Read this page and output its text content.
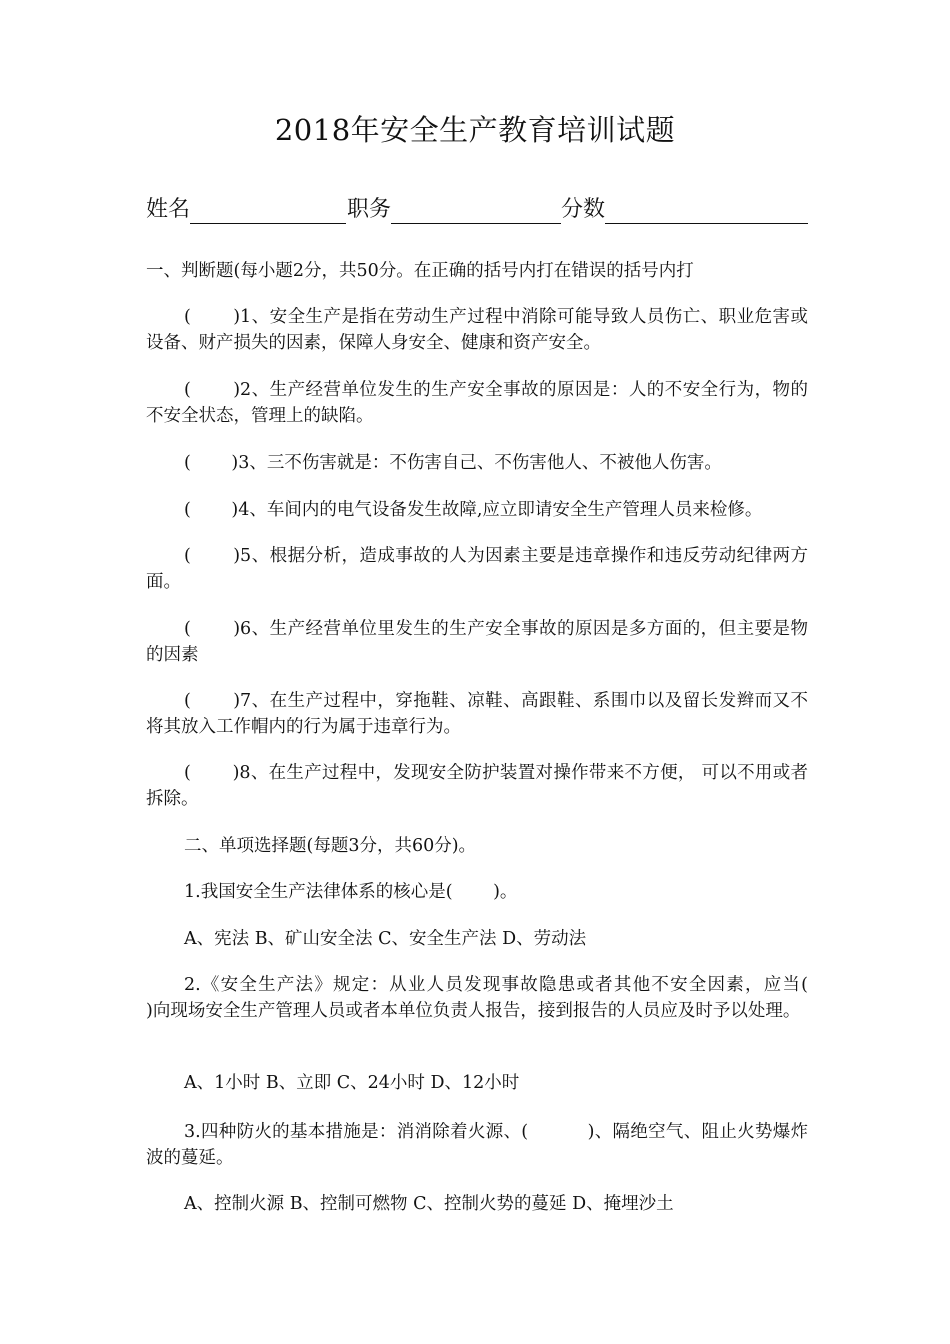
2018年安全生产教育培训试题
姓名	职务	分数
一、判断题(每小题2分，共50分。在正确的括号内打在错误的括号内打
(　　 )1、安全生产是指在劳动生产过程中消除可能导致人员伤亡、职业危害或设备、财产损失的因素，保障人身安全、健康和资产安全。
(　　 )2、生产经营单位发生的生产安全事故的原因是：人的不安全行为，物的不安全状态，管理上的缺陷。
(　　 )3、三不伤害就是：不伤害自己、不伤害他人、不被他人伤害。
(　　 )4、车间内的电气设备发生故障,应立即请安全生产管理人员来检修。
(　　 )5、根据分析，造成事故的人为因素主要是违章操作和违反劳动纪律两方面。
(　　 )6、生产经营单位里发生的生产安全事故的原因是多方面的，但主要是物的因素
(　　 )7、在生产过程中，穿拖鞋、凉鞋、高跟鞋、系围巾以及留长发辫而又不将其放入工作帽内的行为属于违章行为。
(　　 )8、在生产过程中，发现安全防护装置对操作带来不方便， 可以不用或者拆除。
二、单项选择题(每题3分，共60分)。
1.我国安全生产法律体系的核心是(　　 )。
A、宪法 B、矿山安全法 C、安全生产法 D、劳动法
2.《安全生产法》规定：从业人员发现事故隐患或者其他不安全因素，应当(　　 )向现场安全生产管理人员或者本单位负责人报告，接到报告的人员应及时予以处理。
A、1小时 B、立即 C、24小时 D、12小时
3.四种防火的基本措施是：消消除着火源、(　　　 )、隔绝空气、阻止火势爆炸波的蔓延。
A、控制火源 B、控制可燃物 C、控制火势的蔓延 D、掩埋沙土
